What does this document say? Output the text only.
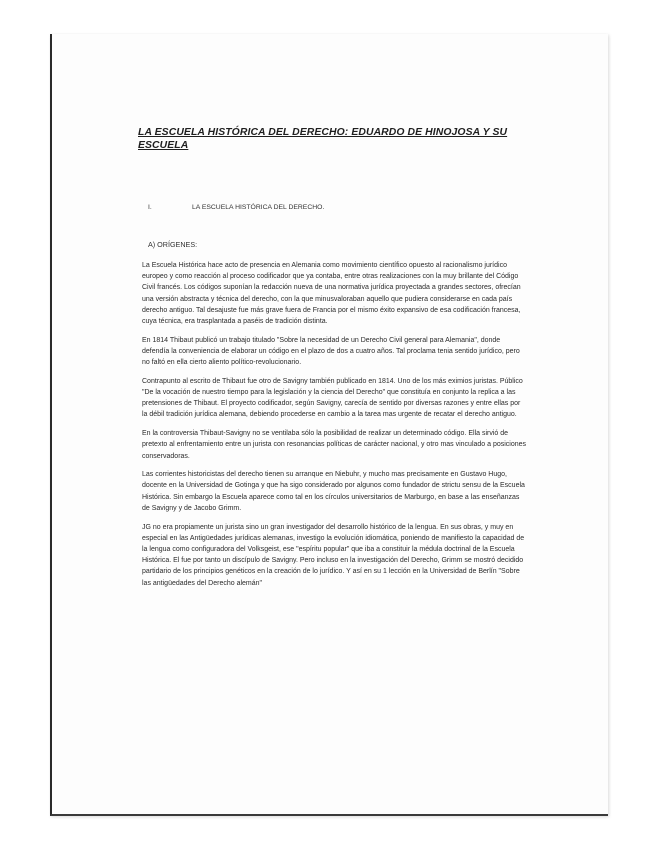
LA ESCUELA HISTÓRICA DEL DERECHO: EDUARDO DE HINOJOSA Y SU ESCUELA
I.	LA ESCUELA HISTÓRICA DEL DERECHO.
A) ORÍGENES:

La Escuela Histórica hace acto de presencia en Alemania como movimiento científico opuesto al racionalismo jurídico europeo y como reacción al proceso codificador que ya contaba, entre otras realizaciones con la muy brillante del Código Civil francés. Los códigos suponían la redacción nueva de una normativa jurídica proyectada a grandes sectores, ofrecían una versión abstracta y técnica del derecho, con la que minusvaloraban aquello que pudiera considerarse en cada país derecho antiguo. Tal desajuste fue más grave fuera de Francia por el mismo éxito expansivo de esa codificación francesa, cuya técnica, era trasplantada a paséis de tradición distinta.

En 1814 Thibaut publicó un trabajo titulado "Sobre la necesidad de un Derecho Civil general para Alemania", donde defendía la conveniencia de elaborar un código en el plazo de dos a cuatro años. Tal proclama tenia sentido jurídico, pero no faltó en ella cierto aliento político-revolucionario.

Contrapunto al escrito de Thibaut fue otro de Savigny también publicado en 1814. Uno de los más eximios juristas. Público "De la vocación de nuestro tiempo para la legislación y la ciencia del Derecho" que constituía en conjunto la replica a las pretensiones de Thibaut. El proyecto codificador, según Savigny, carecía de sentido por diversas razones y entre ellas por la débil tradición jurídica alemana, debiendo procederse en cambio a la tarea mas urgente de recatar el derecho antiguo.

En la controversia Thibaut-Savigny no se ventilaba sólo la posibilidad de realizar un determinado código. Ella sirvió de pretexto al enfrentamiento entre un jurista con resonancias políticas de carácter nacional, y otro mas vinculado a posiciones conservadoras.

Las corrientes historicistas del derecho tienen su arranque en Niebuhr, y mucho mas precisamente en Gustavo Hugo, docente en la Universidad de Gotinga y que ha sigo considerado por algunos como fundador de strictu sensu de la Escuela Histórica. Sin embargo la Escuela aparece como tal en los círculos universitarios de Marburgo, en base a las enseñanzas de Savigny y de Jacobo Grimm.

JG no era propiamente un jurista sino un gran investigador del desarrollo histórico de la lengua. En sus obras, y muy en especial en las Antigüedades jurídicas alemanas, investigo la evolución idiomática, poniendo de manifiesto la capacidad de la lengua como configuradora del Volksgeist, ese "espíritu popular" que iba a constituir la médula doctrinal de la Escuela Histórica. El fue por tanto un discípulo de Savigny. Pero incluso en la investigación del Derecho, Grimm se mostró decidido partidario de los principios genéticos en la creación de lo jurídico. Y así en su 1 lección en la Universidad de Berlín "Sobre las antigüedades del Derecho alemán"
